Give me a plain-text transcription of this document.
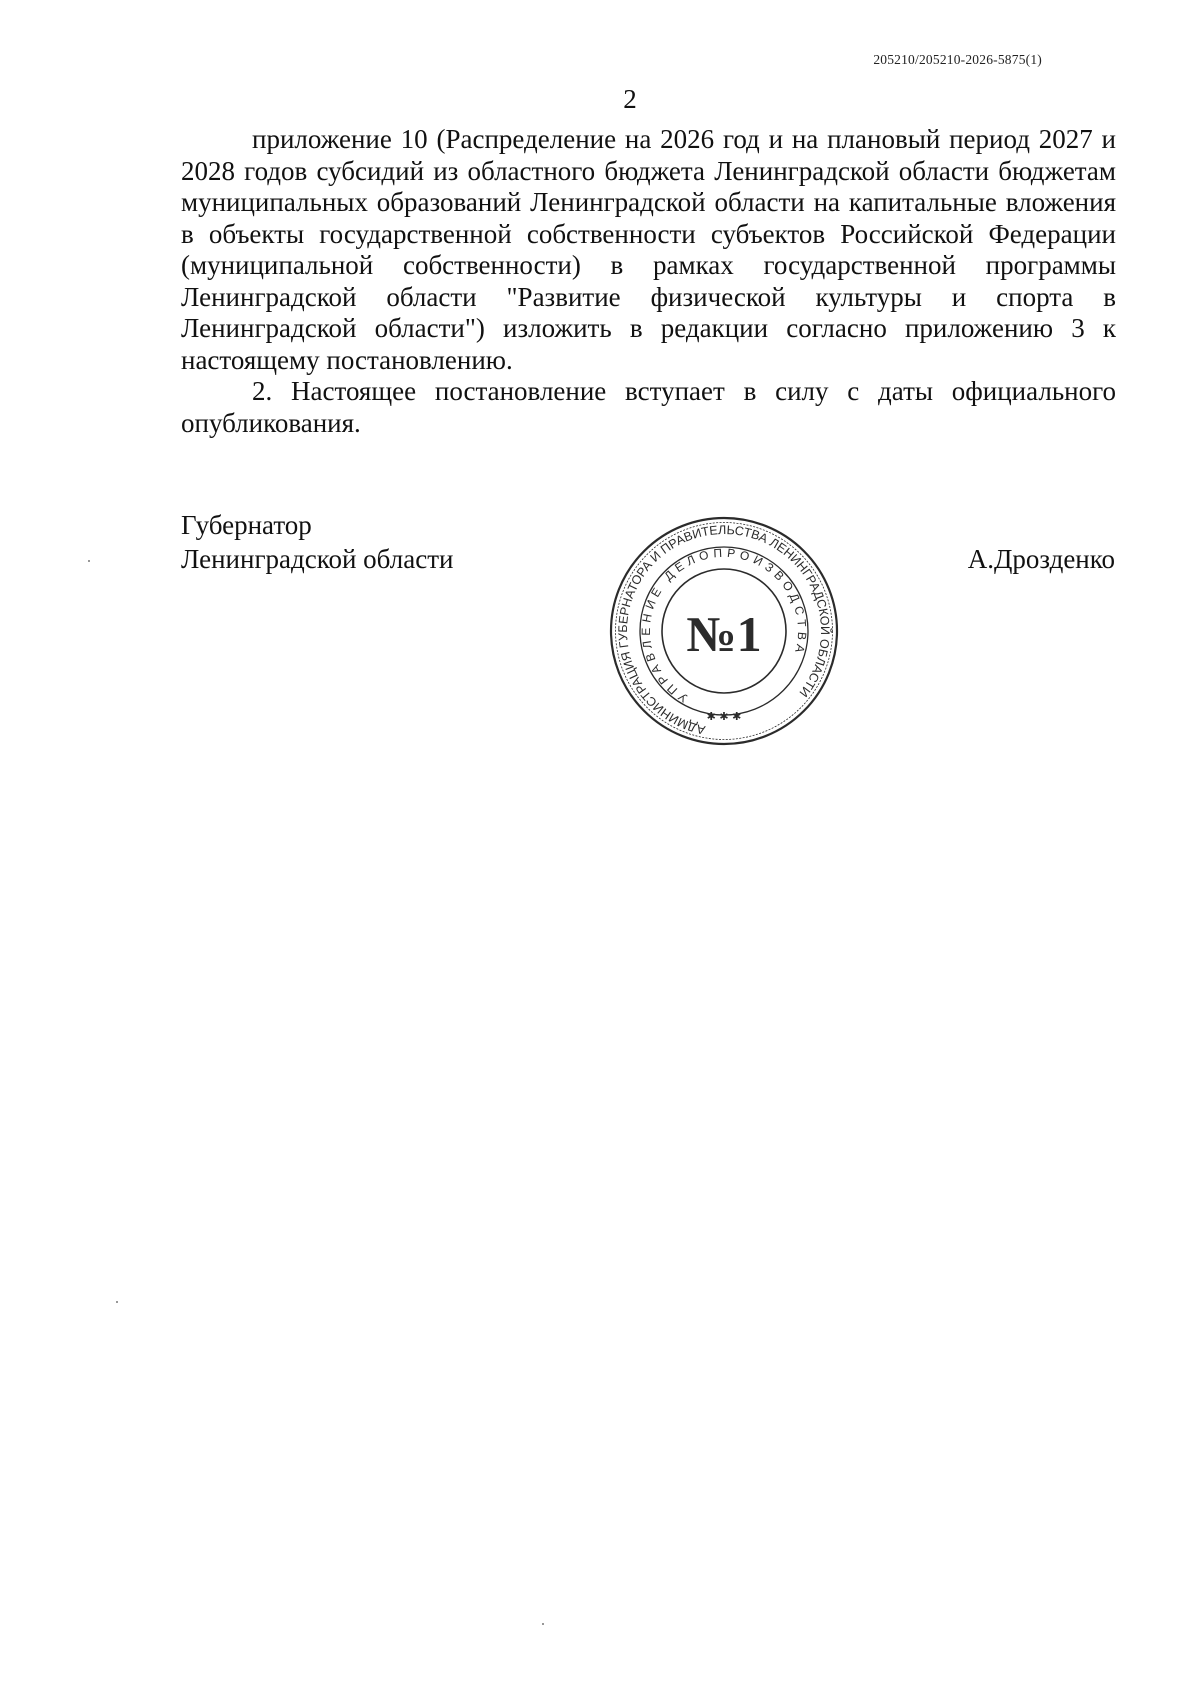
205210/205210-2026-5875(1)
2

приложение 10 (Распределение на 2026 год и на плановый период 2027 и 2028 годов субсидий из областного бюджета Ленинградской области бюджетам муниципальных образований Ленинградской области на капитальные вложения в объекты государственной собственности субъектов Российской Федерации (муниципальной собственности) в рамках государственной программы Ленинградской области "Развитие физической культуры и спорта в Ленинградской области") изложить в редакции согласно приложению 3 к настоящему постановлению.

2. Настоящее постановление вступает в силу с даты официального опубликования.

Губернатор
Ленинградской области	А.Дрозденко
АДМИНИСТРАЦИЯ ГУБЕРНАТОРА И ПРАВИТЕЛЬСТВА ЛЕНИНГРАДСКОЙ ОБЛАСТИ
УПРАВЛЕНИЕ ДЕЛОПРОИЗВОДСТВА
№1
✱ ✱ ✱
